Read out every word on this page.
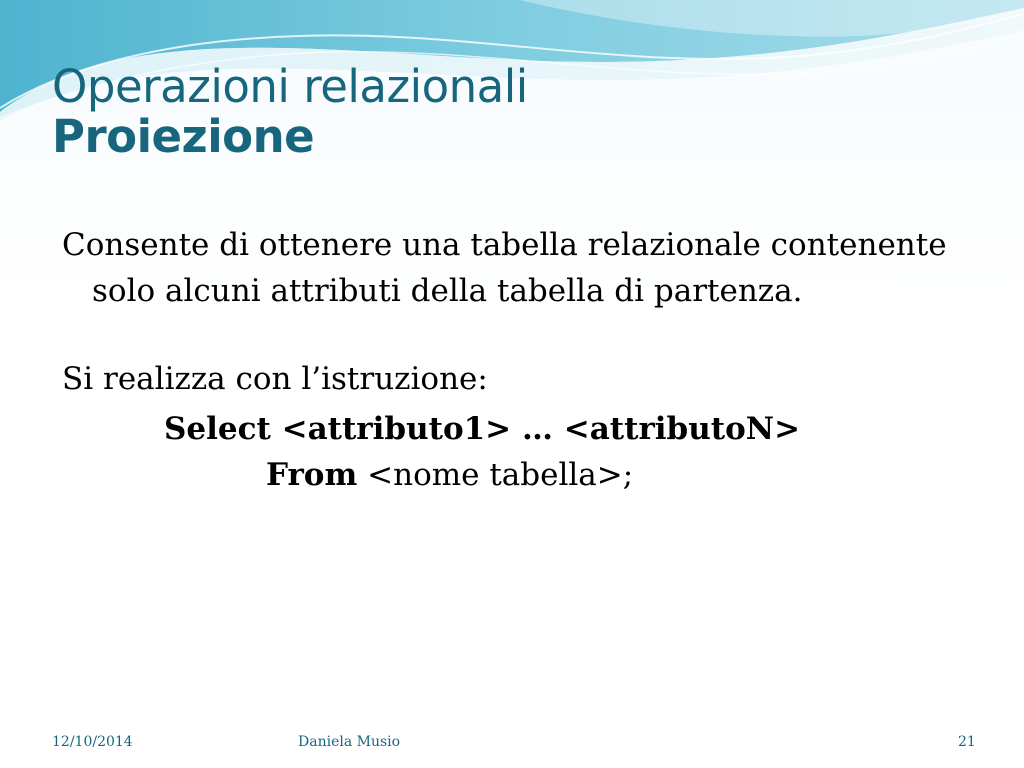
Operazioni relazionali
Proiezione

Consente di ottenere una tabella relazionale contenente solo alcuni attributi della tabella di partenza.

Si realizza con l’istruzione:

Select <attributo1> … <attributoN>
From <nome tabella>;
12/10/2014	Daniela Musio	21
